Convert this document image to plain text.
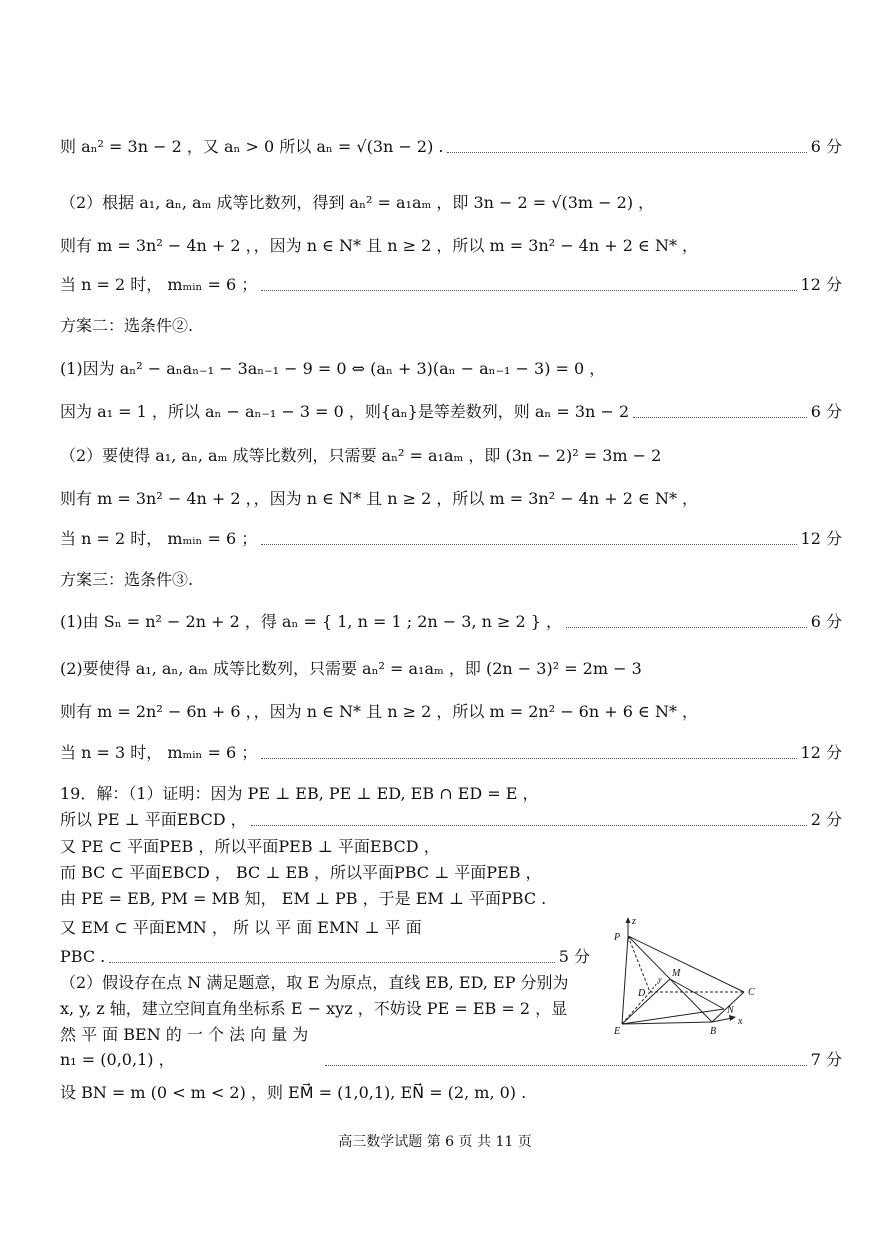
则 aₙ² = 3n − 2 ，又 aₙ > 0 所以 aₙ = √(3n − 2) .	6 分
（2）根据 a₁, aₙ, aₘ 成等比数列，得到 aₙ² = a₁aₘ ，即 3n − 2 = √(3m − 2) ，
则有 m = 3n² − 4n + 2 ，，因为 n ∈ N* 且 n ≥ 2 ，所以 m = 3n² − 4n + 2 ∈ N* ，
当 n = 2 时， mₘᵢₙ = 6 ；	12 分
方案二：选条件②.
(1)因为 aₙ² − aₙaₙ₋₁ − 3aₙ₋₁ − 9 = 0 ⇔ (aₙ + 3)(aₙ − aₙ₋₁ − 3) = 0 ，
因为 a₁ = 1 ，所以 aₙ − aₙ₋₁ − 3 = 0 ，则{aₙ}是等差数列，则 aₙ = 3n − 2	6 分
（2）要使得 a₁, aₙ, aₘ 成等比数列，只需要 aₙ² = a₁aₘ ，即 (3n − 2)² = 3m − 2
则有 m = 3n² − 4n + 2 ，，因为 n ∈ N* 且 n ≥ 2 ，所以 m = 3n² − 4n + 2 ∈ N* ，
当 n = 2 时， mₘᵢₙ = 6 ；	12 分
方案三：选条件③.
(1)由 Sₙ = n² − 2n + 2 ，得 aₙ = { 1, n = 1 ; 2n − 3, n ≥ 2 } ，	6 分
(2)要使得 a₁, aₙ, aₘ 成等比数列，只需要 aₙ² = a₁aₘ ，即 (2n − 3)² = 2m − 3
则有 m = 2n² − 6n + 6 ，，因为 n ∈ N* 且 n ≥ 2 ，所以 m = 2n² − 6n + 6 ∈ N* ，
当 n = 3 时， mₘᵢₙ = 6 ；	12 分
19．解：（1）证明：因为 PE ⊥ EB, PE ⊥ ED, EB ∩ ED = E ，
所以 PE ⊥ 平面EBCD ，	2 分
又 PE ⊂ 平面PEB ，所以平面PEB ⊥ 平面EBCD ，
而 BC ⊂ 平面EBCD ， BC ⊥ EB ，所以平面PBC ⊥ 平面PEB ，
由 PE = EB, PM = MB 知， EM ⊥ PB ，于是 EM ⊥ 平面PBC .
又 EM ⊂ 平面EMN ， 所 以 平 面 EMN ⊥ 平 面
PBC .	5 分
（2）假设存在点 N 满足题意，取 E 为原点，直线 EB, ED, EP 分别为
x, y, z 轴，建立空间直角坐标系 E − xyz ，不妨设 PE = EB = 2 ，显
然 平 面 BEN 的 一 个 法 向 量 为
n₁ = (0,0,1) ，	7 分
设 BN = m (0 < m < 2) ，则 EM⃗ = (1,0,1), EN⃗ = (2, m, 0) .
P
z
M
C
D
N
E	B
x
y
高三数学试题 第 6 页 共 11 页
